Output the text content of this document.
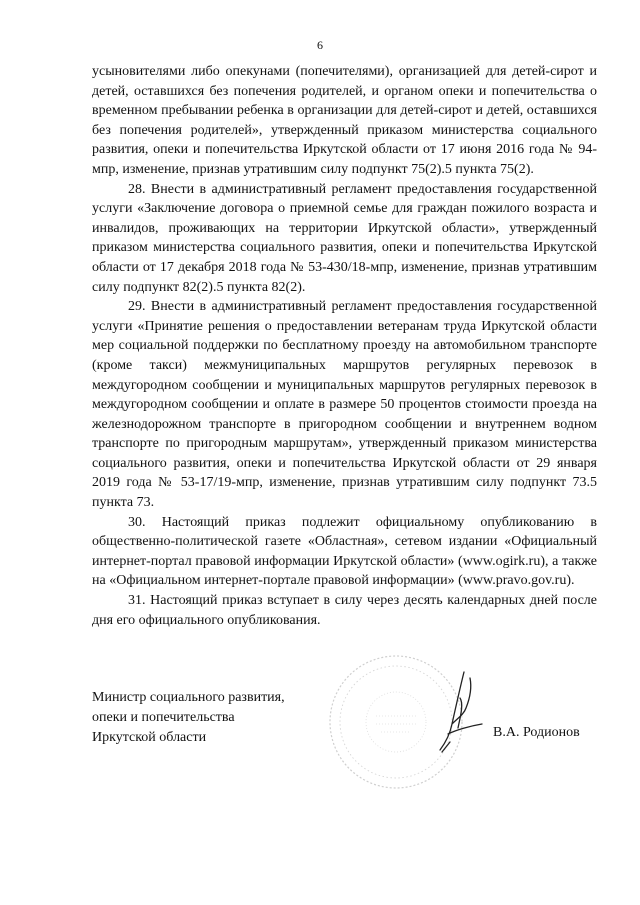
6

усыновителями либо опекунами (попечителями), организацией для детей-сирот и детей, оставшихся без попечения родителей, и органом опеки и попечительства о временном пребывании ребенка в организации для детей-сирот и детей, оставшихся без попечения родителей», утвержденный приказом министерства социального развития, опеки и попечительства Иркутской области от 17 июня 2016 года № 94-мпр, изменение, признав утратившим силу подпункт 75(2).5 пункта 75(2).

28. Внести в административный регламент предоставления государственной услуги «Заключение договора о приемной семье для граждан пожилого возраста и инвалидов, проживающих на территории Иркутской области», утвержденный приказом министерства социального развития, опеки и попечительства Иркутской области от 17 декабря 2018 года № 53-430/18-мпр, изменение, признав утратившим силу подпункт 82(2).5 пункта 82(2).

29. Внести в административный регламент предоставления государственной услуги «Принятие решения о предоставлении ветеранам труда Иркутской области мер социальной поддержки по бесплатному проезду на автомобильном транспорте (кроме такси) межмуниципальных маршрутов регулярных перевозок в междугородном сообщении и муниципальных маршрутов регулярных перевозок в междугородном сообщении и оплате в размере 50 процентов стоимости проезда на железнодорожном транспорте в пригородном сообщении и внутреннем водном транспорте по пригородным маршрутам», утвержденный приказом министерства социального развития, опеки и попечительства Иркутской области от 29 января 2019 года № 53-17/19-мпр, изменение, признав утратившим силу подпункт 73.5 пункта 73.

30. Настоящий приказ подлежит официальному опубликованию в общественно-политической газете «Областная», сетевом издании «Официальный интернет-портал правовой информации Иркутской области» (www.ogirk.ru), а также на «Официальном интернет-портале правовой информации» (www.pravo.gov.ru).

31. Настоящий приказ вступает в силу через десять календарных дней после дня его официального опубликования.

Министр социального развития,
опеки и попечительства
Иркутской области	В.А. Родионов
